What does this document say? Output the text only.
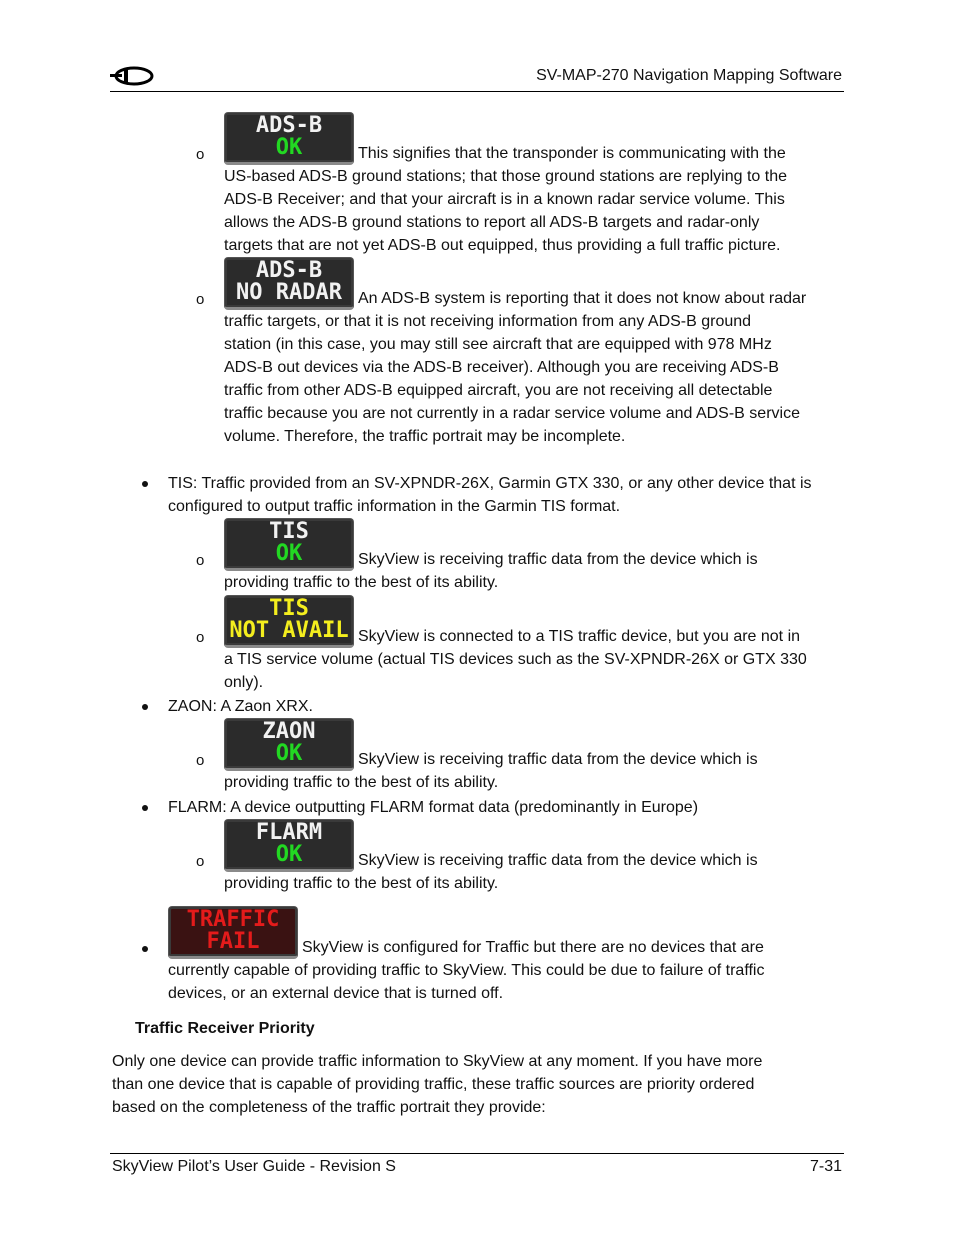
SV-MAP-270 Navigation Mapping Software
o
ADS-B
OK	This signifies that the transponder is communicating with the
US-based ADS-B ground stations; that those ground stations are replying to the
ADS-B Receiver; and that your aircraft is in a known radar service volume. This
allows the ADS-B ground stations to report all ADS-B targets and radar-only
targets that are not yet ADS-B out equipped, thus providing a full traffic picture.
o
ADS-B
NO RADAR An ADS-B system is reporting that it does not know about radar
traffic targets, or that it is not receiving information from any ADS-B ground
station (in this case, you may still see aircraft that are equipped with 978 MHz
ADS-B out devices via the ADS-B receiver). Although you are receiving ADS-B
traffic from other ADS-B equipped aircraft, you are not receiving all detectable
traffic because you are not currently in a radar service volume and ADS-B service
volume. Therefore, the traffic portrait may be incomplete.
TIS: Traffic provided from an SV-XPNDR-26X, Garmin GTX 330, or any other device that is
configured to output traffic information in the Garmin TIS format.
o
TIS
OK	SkyView is receiving traffic data from the device which is
providing traffic to the best of its ability.
o
TIS
NOT AVAIL SkyView is connected to a TIS traffic device, but you are not in
a TIS service volume (actual TIS devices such as the SV-XPNDR-26X or GTX 330
only).
ZAON: A Zaon XRX.
o
ZAON
OK	SkyView is receiving traffic data from the device which is
providing traffic to the best of its ability.
FLARM: A device outputting FLARM format data (predominantly in Europe)
o
FLARM
OK	SkyView is receiving traffic data from the device which is
providing traffic to the best of its ability.
TRAFFIC
FAIL	SkyView is configured for Traffic but there are no devices that are
currently capable of providing traffic to SkyView. This could be due to failure of traffic
devices, or an external device that is turned off.
Traffic Receiver Priority
Only one device can provide traffic information to SkyView at any moment. If you have more
than one device that is capable of providing traffic, these traffic sources are priority ordered
based on the completeness of the traffic portrait they provide:
SkyView Pilot’s User Guide - Revision S	7-31
